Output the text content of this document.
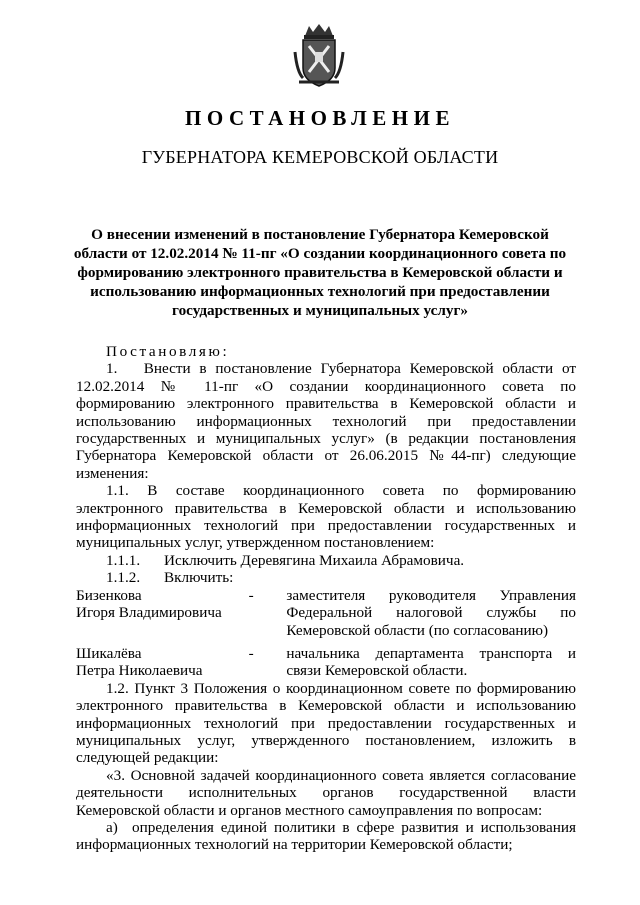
ПОСТАНОВЛЕНИЕ
ГУБЕРНАТОРА КЕМЕРОВСКОЙ ОБЛАСТИ
О внесении изменений в постановление Губернатора Кемеровской области от 12.02.2014 № 11-пг «О создании координационного совета по формированию электронного правительства в Кемеровской области и использованию информационных технологий при предоставлении государственных и муниципальных услуг»

Постановляю:

1. Внести в постановление Губернатора Кемеровской области от 12.02.2014 № 11-пг «О создании координационного совета по формированию электронного правительства в Кемеровской области и использованию информационных технологий при предоставлении государственных и муниципальных услуг» (в редакции постановления Губернатора Кемеровской области от 26.06.2015 №44-пг) следующие изменения:

1.1. В составе координационного совета по формированию электронного правительства в Кемеровской области и использованию информационных технологий при предоставлении государственных и муниципальных услуг, утвержденном постановлением:

1.1.1. Исключить Деревягина Михаила Абрамовича.

1.1.2. Включить:

Бизенкова
Игоря Владимировича
-	заместителя руководителя Управления Федеральной налоговой службы по Кемеровской области (по согласованию)
Шикалёва
Петра Николаевича
-	начальника департамента транспорта и связи Кемеровской области.

1.2. Пункт 3 Положения о координационном совете по формированию электронного правительства в Кемеровской области и использованию информационных технологий при предоставлении государственных и муниципальных услуг, утвержденного постановлением, изложить в следующей редакции:

«3. Основной задачей координационного совета является согласование деятельности исполнительных органов государственной власти Кемеровской области и органов местного самоуправления по вопросам:

а) определения единой политики в сфере развития и использования информационных технологий на территории Кемеровской области;
